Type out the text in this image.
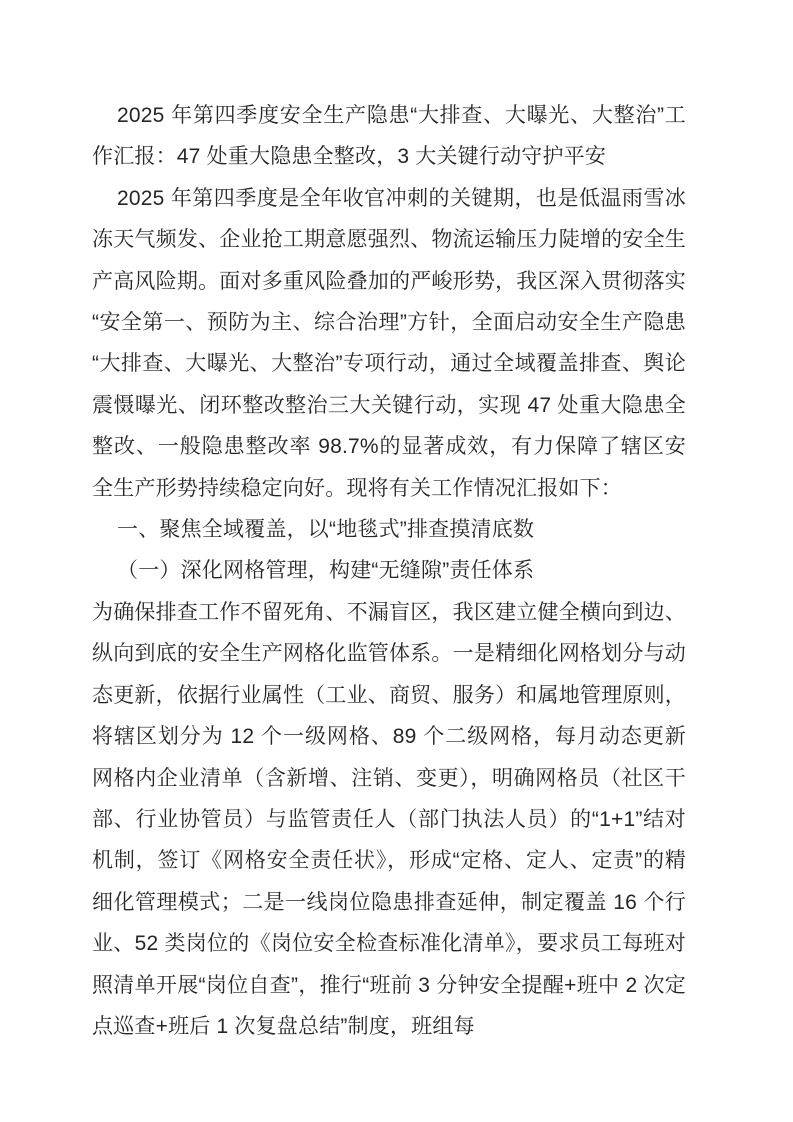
2025 年第四季度安全生产隐患“大排查、大曝光、大整治”工作汇报：47 处重大隐患全整改，3 大关键行动守护平安

2025 年第四季度是全年收官冲刺的关键期，也是低温雨雪冰冻天气频发、企业抢工期意愿强烈、物流运输压力陡增的安全生产高风险期。面对多重风险叠加的严峻形势，我区深入贯彻落实“安全第一、预防为主、综合治理”方针，全面启动安全生产隐患“大排查、大曝光、大整治”专项行动，通过全域覆盖排查、舆论震慑曝光、闭环整改整治三大关键行动，实现 47 处重大隐患全整改、一般隐患整改率 98.7%的显著成效，有力保障了辖区安全生产形势持续稳定向好。现将有关工作情况汇报如下：

一、聚焦全域覆盖，以“地毯式”排查摸清底数

（一）深化网格管理，构建“无缝隙”责任体系

为确保排查工作不留死角、不漏盲区，我区建立健全横向到边、纵向到底的安全生产网格化监管体系。一是精细化网格划分与动态更新，依据行业属性（工业、商贸、服务）和属地管理原则，将辖区划分为 12 个一级网格、89 个二级网格，每月动态更新网格内企业清单（含新增、注销、变更），明确网格员（社区干部、行业协管员）与监管责任人（部门执法人员）的“1+1”结对机制，签订《网格安全责任状》，形成“定格、定人、定责”的精细化管理模式；二是一线岗位隐患排查延伸，制定覆盖 16 个行业、52 类岗位的《岗位安全检查标准化清单》，要求员工每班对照清单开展“岗位自查”，推行“班前 3 分钟安全提醒+班中 2 次定点巡查+班后 1 次复盘总结”制度，班组每
